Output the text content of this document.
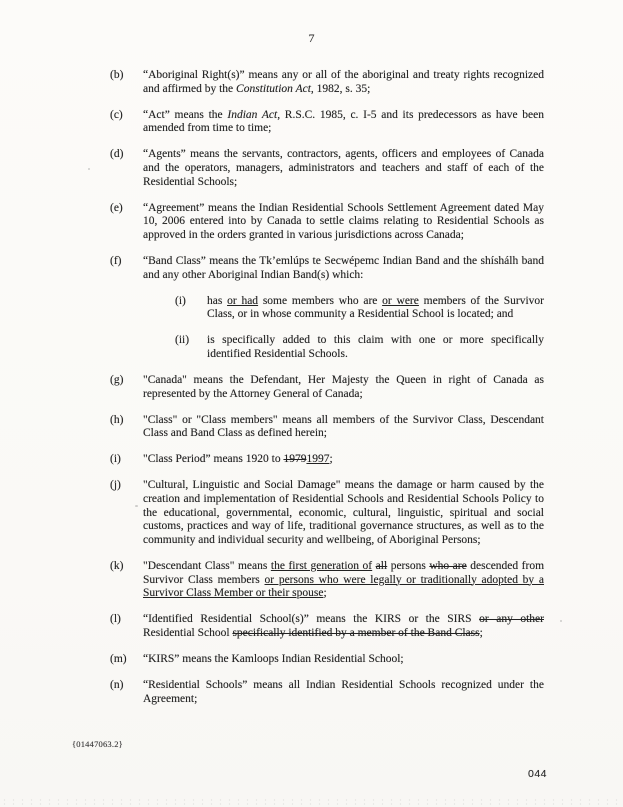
7
(b)	“Aboriginal Right(s)” means any or all of the aboriginal and treaty rights recognized and affirmed by the Constitution Act, 1982, s. 35;

(c)	“Act” means the Indian Act, R.S.C. 1985, c. I-5 and its predecessors as have been amended from time to time;

(d)	“Agents” means the servants, contractors, agents, officers and employees of Canada and the operators, managers, administrators and teachers and staff of each of the Residential Schools;

(e)	“Agreement” means the Indian Residential Schools Settlement Agreement dated May 10, 2006 entered into by Canada to settle claims relating to Residential Schools as approved in the orders granted in various jurisdictions across Canada;

(f)	“Band Class” means the Tk’emlúps te Secwépemc Indian Band and the shíshálh band and any other Aboriginal Indian Band(s) which:

(i)	has or had some members who are or were members of the Survivor Class, or in whose community a Residential School is located; and

(ii)	is specifically added to this claim with one or more specifically identified Residential Schools.

(g)	"Canada" means the Defendant, Her Majesty the Queen in right of Canada as represented by the Attorney General of Canada;

(h)	"Class" or "Class members" means all members of the Survivor Class, Descendant Class and Band Class as defined herein;

(i)	"Class Period” means 1920 to 19791997;

(j)	"Cultural, Linguistic and Social Damage" means the damage or harm caused by the creation and implementation of Residential Schools and Residential Schools Policy to the educational, governmental, economic, cultural, linguistic, spiritual and social customs, practices and way of life, traditional governance structures, as well as to the community and individual security and wellbeing, of Aboriginal Persons;

(k)	"Descendant Class" means the first generation of all persons who are descended from Survivor Class members or persons who were legally or traditionally adopted by a Survivor Class Member or their spouse;

(l)	“Identified Residential School(s)” means the KIRS or the SIRS or any other Residential School specifically identified by a member of the Band Class;

(m)	“KIRS” means the Kamloops Indian Residential School;

(n)	“Residential Schools” means all Indian Residential Schools recognized under the Agreement;

{01447063.2}
044
